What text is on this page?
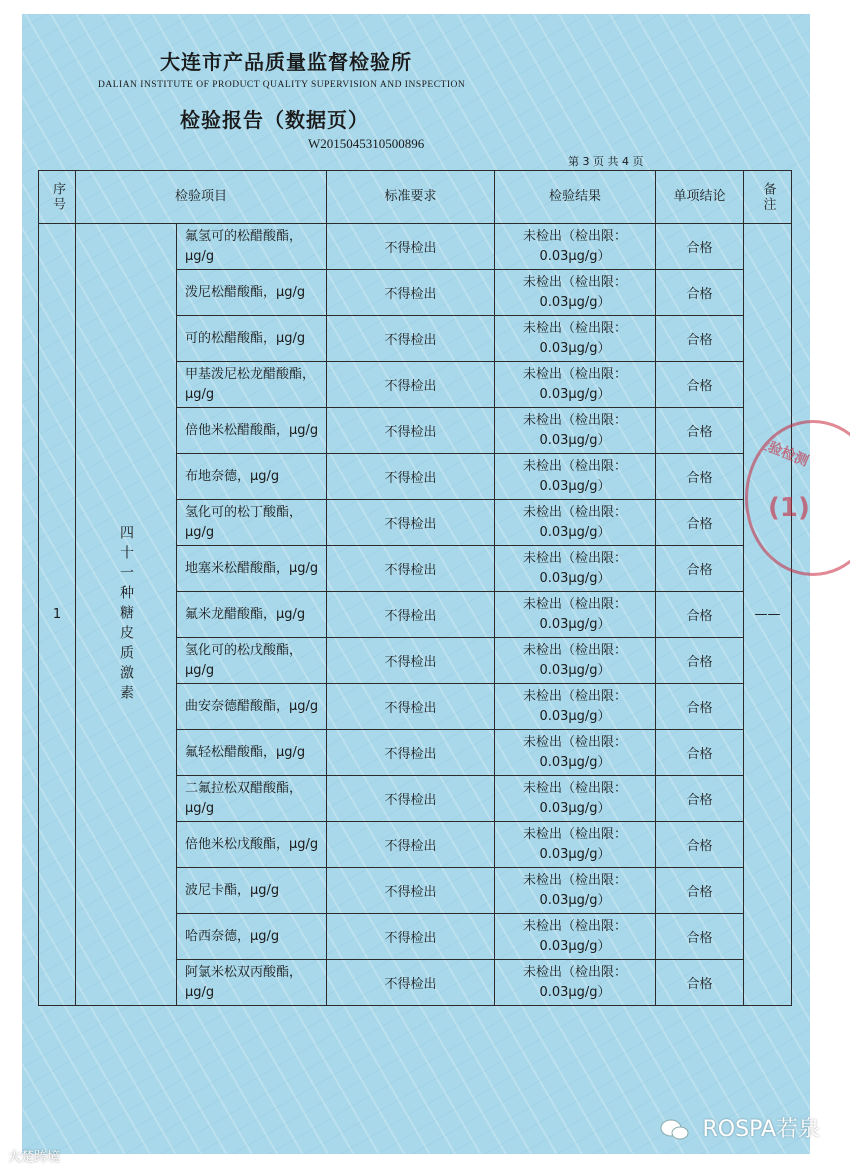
大连市产品质量监督检验所
DALIAN INSTITUTE OF PRODUCT QUALITY SUPERVISION AND INSPECTION
检验报告（数据页）
W2015045310500896
第 3 页 共 4 页
序号	检验项目		标准要求	检验结果	单项结论	备注

1	四十一种糖皮质激素	氟氢可的松醋酸酯，μg/g	不得检出	未检出（检出限：0.03μg/g）	合格	——
		泼尼松醋酸酯，μg/g	不得检出	未检出（检出限：0.03μg/g）	合格	
		可的松醋酸酯，μg/g	不得检出	未检出（检出限：0.03μg/g）	合格	
		甲基泼尼松龙醋酸酯，μg/g	不得检出	未检出（检出限：0.03μg/g）	合格	
		倍他米松醋酸酯，μg/g	不得检出	未检出（检出限：0.03μg/g）	合格	
		布地奈德，μg/g	不得检出	未检出（检出限：0.03μg/g）	合格	
		氢化可的松丁酸酯，μg/g	不得检出	未检出（检出限：0.03μg/g）	合格	
		地塞米松醋酸酯，μg/g	不得检出	未检出（检出限：0.03μg/g）	合格	
		氟米龙醋酸酯，μg/g	不得检出	未检出（检出限：0.03μg/g）	合格	
		氢化可的松戊酸酯，μg/g	不得检出	未检出（检出限：0.03μg/g）	合格	
		曲安奈德醋酸酯，μg/g	不得检出	未检出（检出限：0.03μg/g）	合格	
		氟轻松醋酸酯，μg/g	不得检出	未检出（检出限：0.03μg/g）	合格	
		二氟拉松双醋酸酯，μg/g	不得检出	未检出（检出限：0.03μg/g）	合格	
		倍他米松戊酸酯，μg/g	不得检出	未检出（检出限：0.03μg/g）	合格	
		波尼卡酯，μg/g	不得检出	未检出（检出限：0.03μg/g）	合格	
		哈西奈德，μg/g	不得检出	未检出（检出限：0.03μg/g）	合格	
		阿氯米松双丙酸酯，μg/g	不得检出	未检出（检出限：0.03μg/g）	合格	
检验检测
(1)
ROSPA若泉
大楚跨境
